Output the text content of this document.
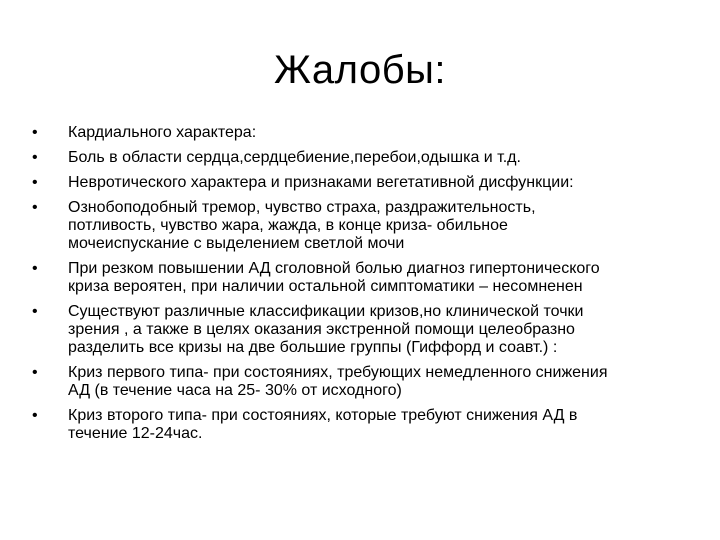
Жалобы:
•	Кардиального характера:
•	Боль в области сердца,сердцебиение,перебои,одышка и т.д.
•	Невротического характера и признаками вегетативной дисфункции:
•	Ознобоподобный тремор, чувство страха, раздражительность,
потливость, чувство жара, жажда, в конце криза- обильное
мочеиспускание с выделением светлой мочи
•	При резком повышении АД сголовной болью диагноз гипертонического
криза вероятен, при наличии остальной симптоматики – несомненен
•	Существуют различные классификации кризов,но клинической точки
зрения , а также в целях оказания экстренной помощи целеобразно
разделить все кризы на две большие группы (Гиффорд и соавт.) :
•	Криз первого типа- при состояниях, требующих немедленного снижения
АД (в течение часа на 25- 30% от исходного)
•	Криз второго типа- при состояниях, которые требуют снижения АД в
течение 12-24час.
